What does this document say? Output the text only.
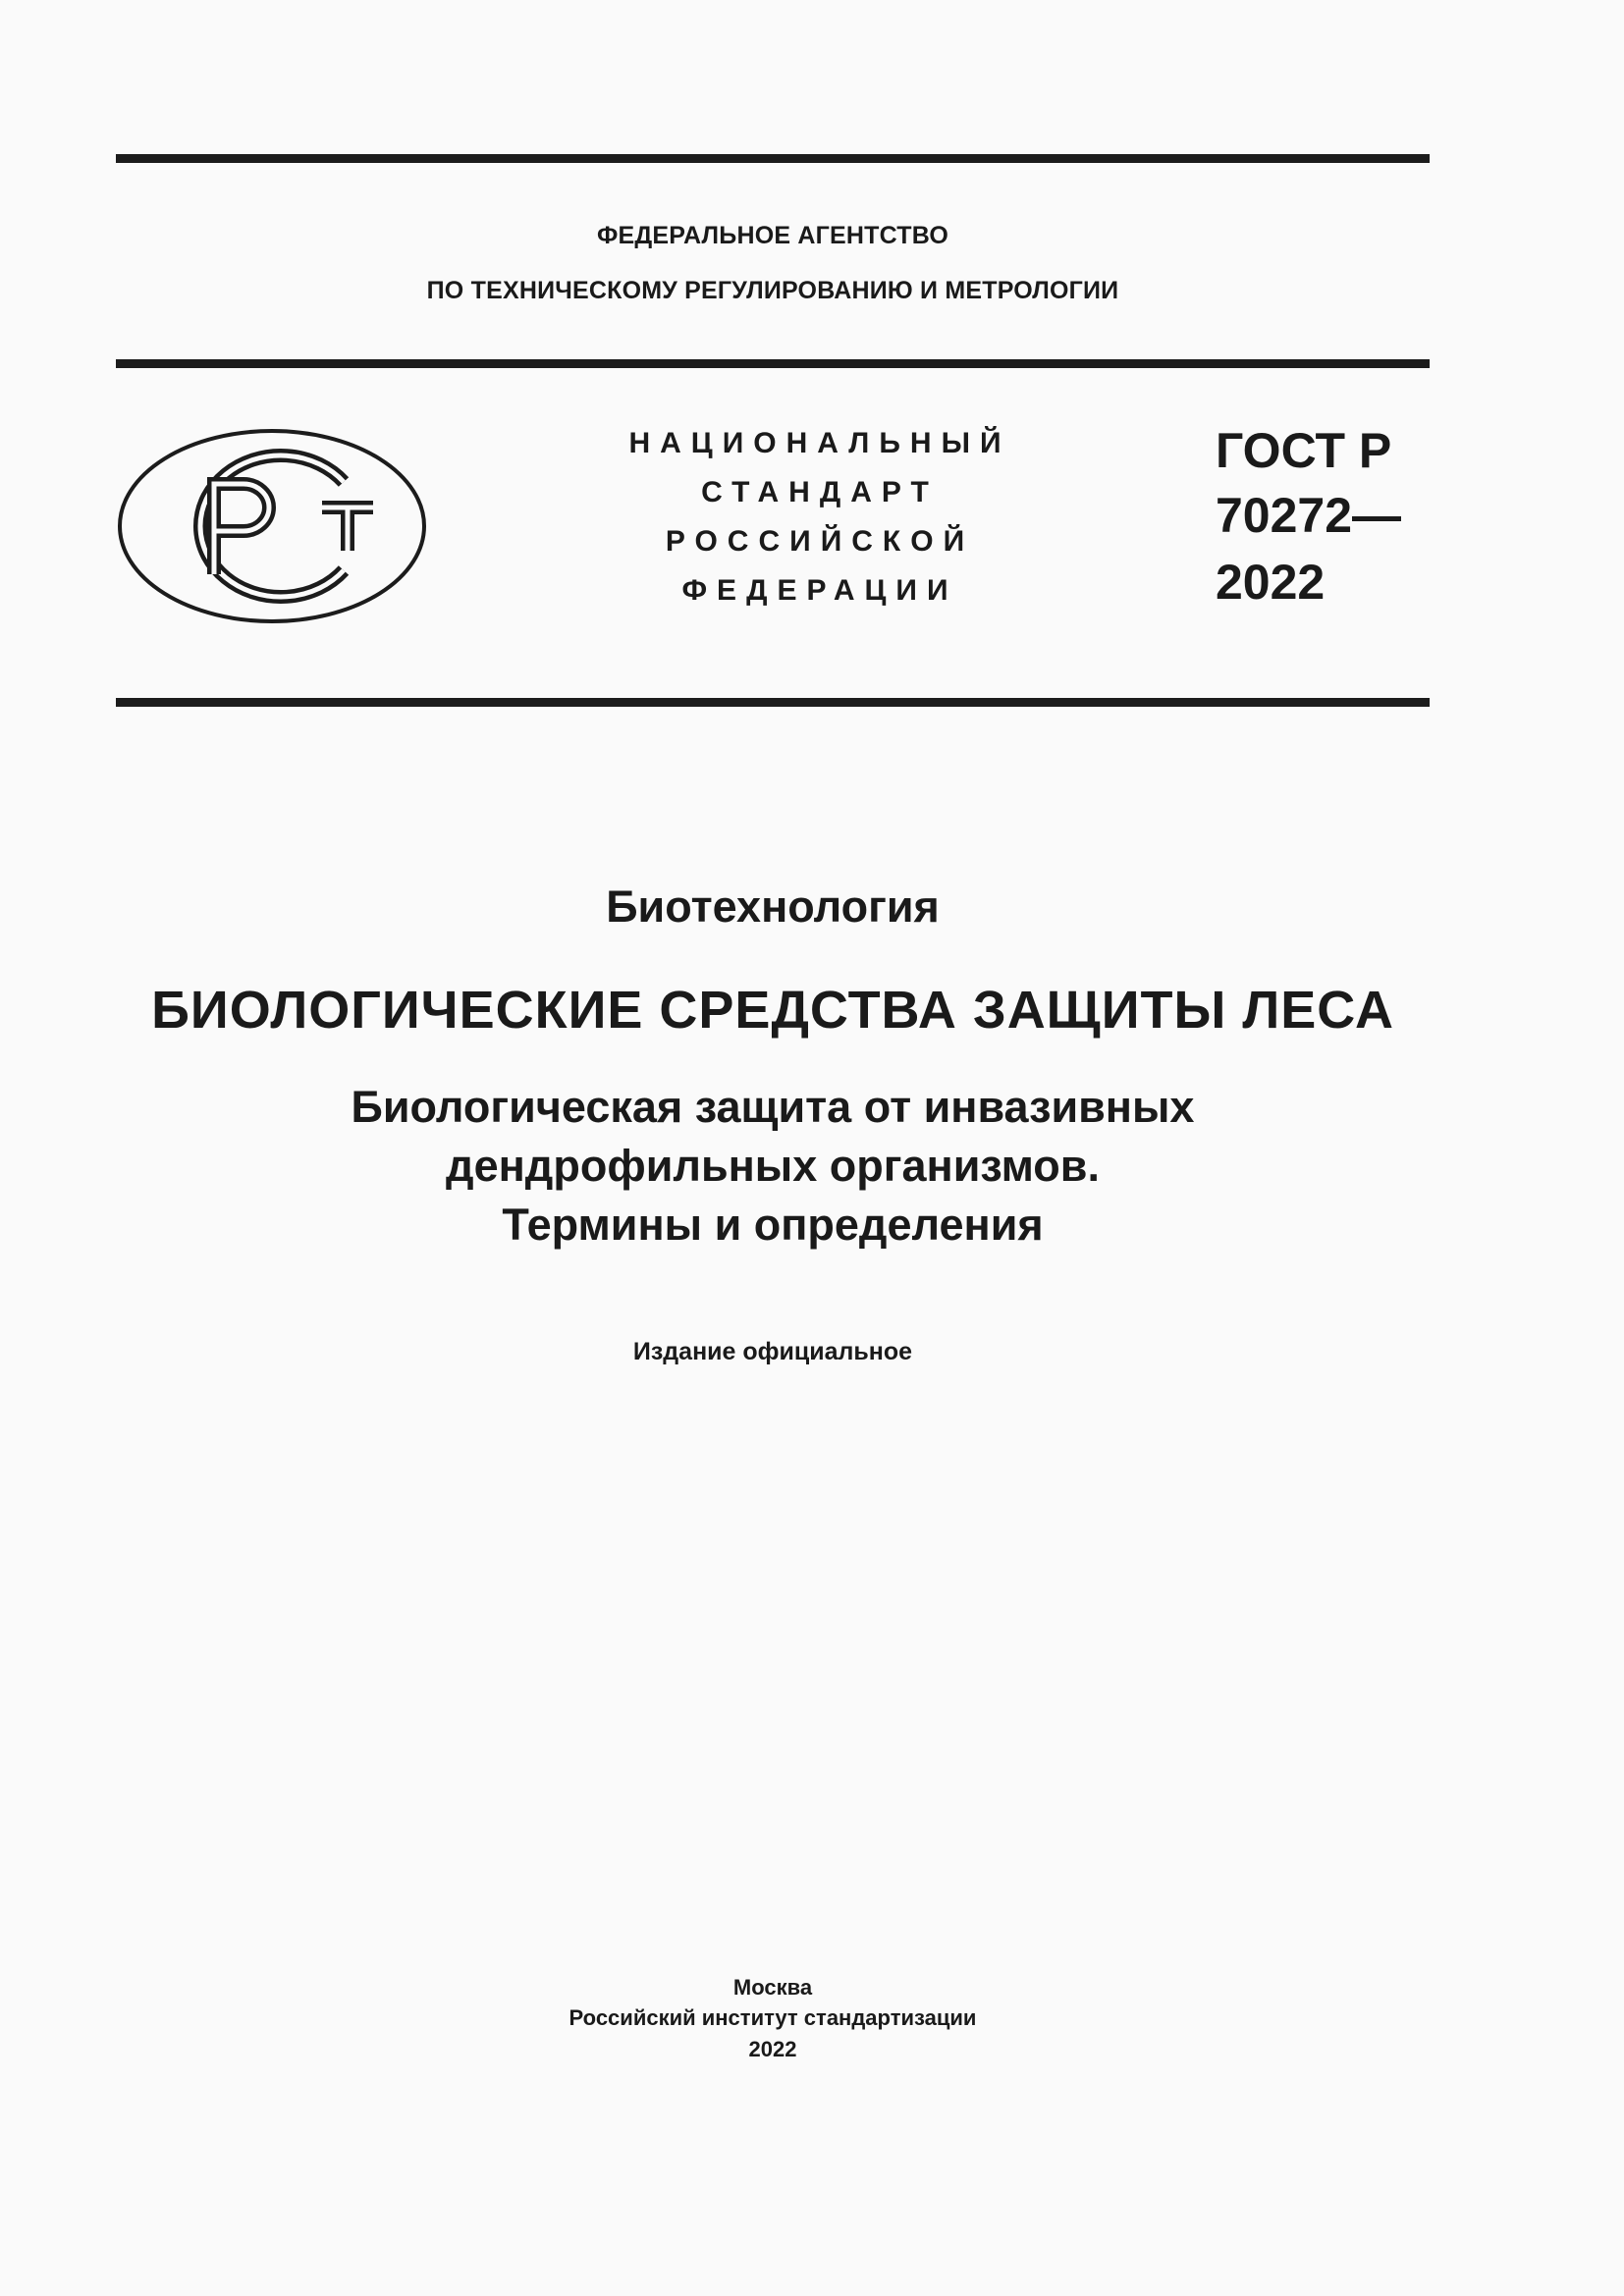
ФЕДЕРАЛЬНОЕ АГЕНТСТВО
ПО ТЕХНИЧЕСКОМУ РЕГУЛИРОВАНИЮ И МЕТРОЛОГИИ
НАЦИОНАЛЬНЫЙ
СТАНДАРТ
РОССИЙСКОЙ
ФЕДЕРАЦИИ
ГОСТ Р
70272—
2022
Биотехнология
БИОЛОГИЧЕСКИЕ СРЕДСТВА ЗАЩИТЫ ЛЕСА
Биологическая защита от инвазивных
дендрофильных организмов.
Термины и определения
Издание официальное
Москва
Российский институт стандартизации
2022
